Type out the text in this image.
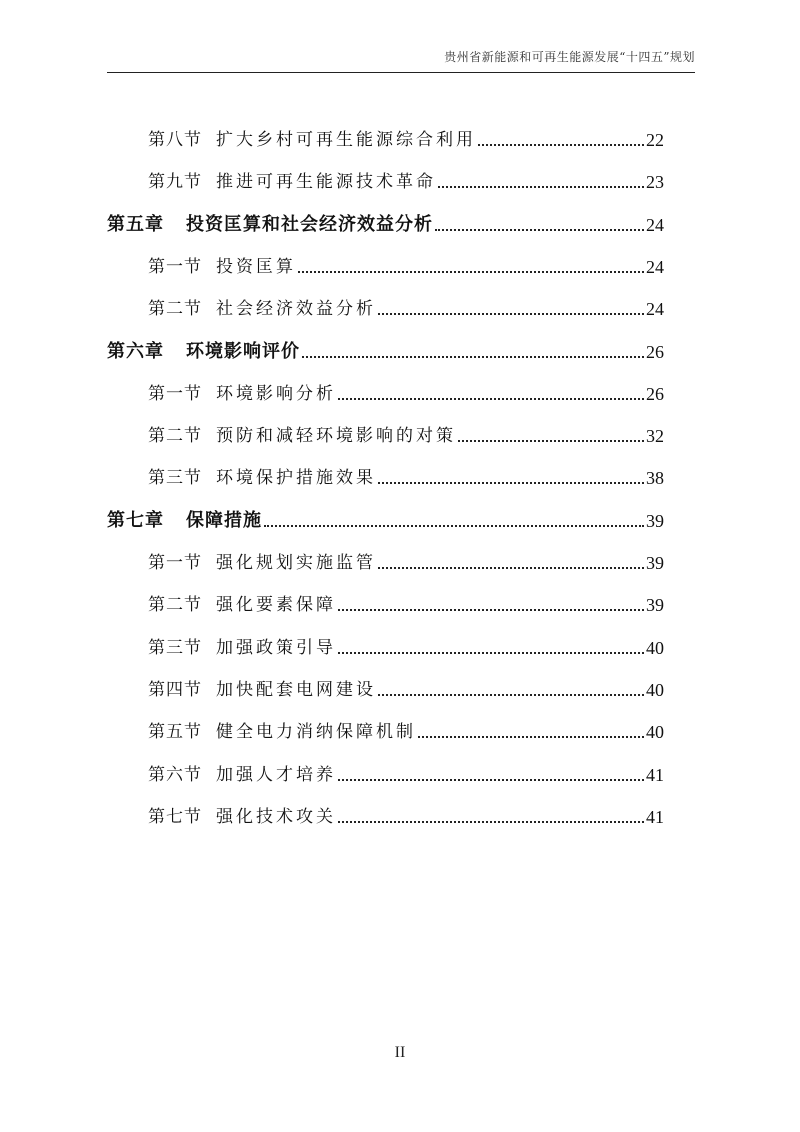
贵州省新能源和可再生能源发展“十四五”规划
第八节 扩大乡村可再生能源综合利用	22
第九节 推进可再生能源技术革命	23
第五章 投资匡算和社会经济效益分析	24
第一节 投资匡算	24
第二节 社会经济效益分析	24
第六章 环境影响评价	26
第一节 环境影响分析	26
第二节 预防和减轻环境影响的对策	32
第三节 环境保护措施效果	38
第七章 保障措施	39
第一节 强化规划实施监管	39
第二节 强化要素保障	39
第三节 加强政策引导	40
第四节 加快配套电网建设	40
第五节 健全电力消纳保障机制	40
第六节 加强人才培养	41
第七节 强化技术攻关	41
II
